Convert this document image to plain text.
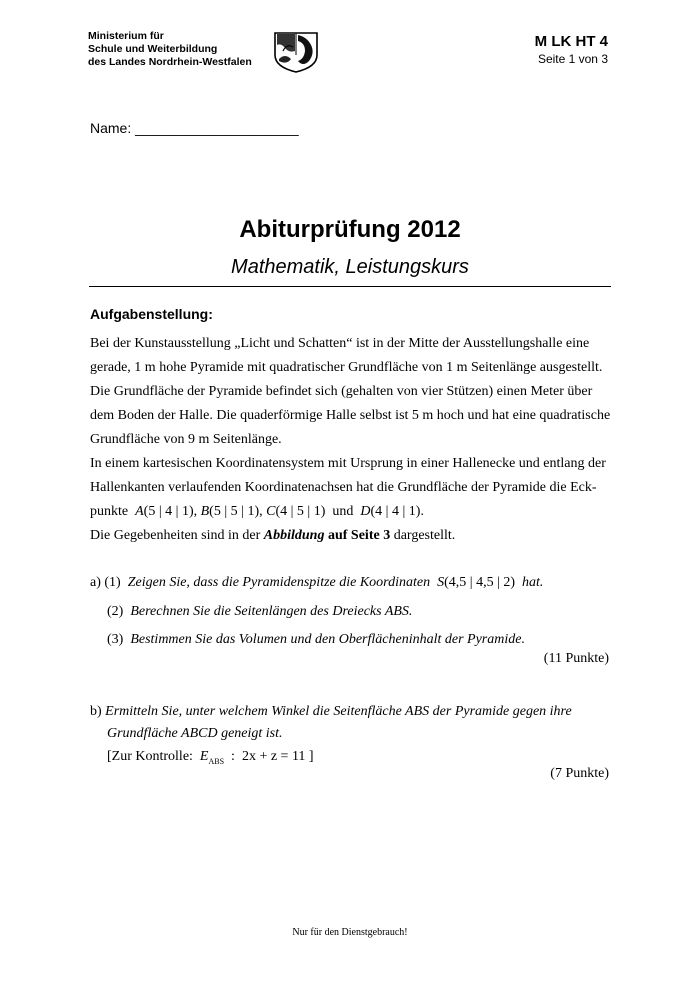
Ministerium für
Schule und Weiterbildung
des Landes Nordrhein-Westfalen
M LK HT 4
Seite 1 von 3
Name: _____________________
Abiturprüfung 2012
Mathematik, Leistungskurs
Aufgabenstellung:

Bei der Kunstausstellung „Licht und Schatten“ ist in der Mitte der Ausstellungshalle eine

gerade, 1 m hohe Pyramide mit quadratischer Grundfläche von 1 m Seitenlänge ausgestellt.

Die Grundfläche der Pyramide befindet sich (gehalten von vier Stützen) einen Meter über

dem Boden der Halle. Die quaderförmige Halle selbst ist 5 m hoch und hat eine quadratische

Grundfläche von 9 m Seitenlänge.

In einem kartesischen Koordinatensystem mit Ursprung in einer Hallenecke und entlang der

Hallenkanten verlaufenden Koordinatenachsen hat die Grundfläche der Pyramide die Eck-

punkte A(5 | 4 | 1), B(5 | 5 | 1), C(4 | 5 | 1) und D(4 | 4 | 1).

Die Gegebenheiten sind in der Abbildung auf Seite 3 dargestellt.

a) (1) Zeigen Sie, dass die Pyramidenspitze die Koordinaten S(4,5 | 4,5 | 2) hat.
(2) Berechnen Sie die Seitenlängen des Dreiecks ABS.
(3) Bestimmen Sie das Volumen und den Oberflächeninhalt der Pyramide.
(11 Punkte)
b) Ermitteln Sie, unter welchem Winkel die Seitenfläche ABS der Pyramide gegen ihre
Grundfläche ABCD geneigt ist.
[Zur Kontrolle: $E_{ABS}$ : 2x + z = 11 ]
(7 Punkte)
Nur für den Dienstgebrauch!
